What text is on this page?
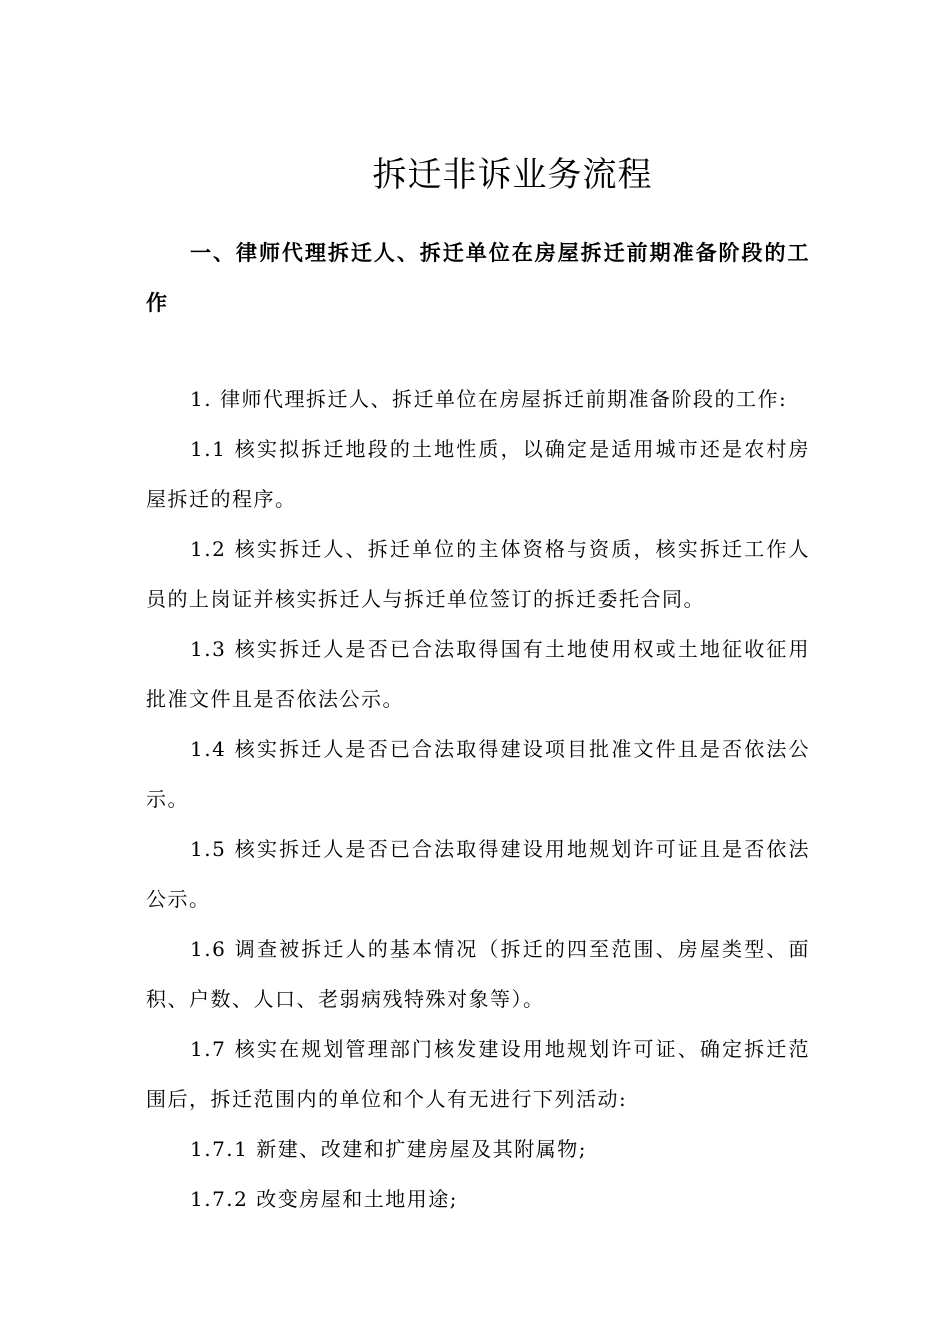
拆迁非诉业务流程
一、律师代理拆迁人、拆迁单位在房屋拆迁前期准备阶段的工作

1. 律师代理拆迁人、拆迁单位在房屋拆迁前期准备阶段的工作:

1.1 核实拟拆迁地段的土地性质，以确定是适用城市还是农村房屋拆迁的程序。

1.2 核实拆迁人、拆迁单位的主体资格与资质，核实拆迁工作人员的上岗证并核实拆迁人与拆迁单位签订的拆迁委托合同。

1.3 核实拆迁人是否已合法取得国有土地使用权或土地征收征用批准文件且是否依法公示。

1.4 核实拆迁人是否已合法取得建设项目批准文件且是否依法公示。

1.5 核实拆迁人是否已合法取得建设用地规划许可证且是否依法公示。

1.6 调查被拆迁人的基本情况（拆迁的四至范围、房屋类型、面积、户数、人口、老弱病残特殊对象等）。

1.7 核实在规划管理部门核发建设用地规划许可证、确定拆迁范围后，拆迁范围内的单位和个人有无进行下列活动:

1.7.1 新建、改建和扩建房屋及其附属物;

1.7.2 改变房屋和土地用途;
